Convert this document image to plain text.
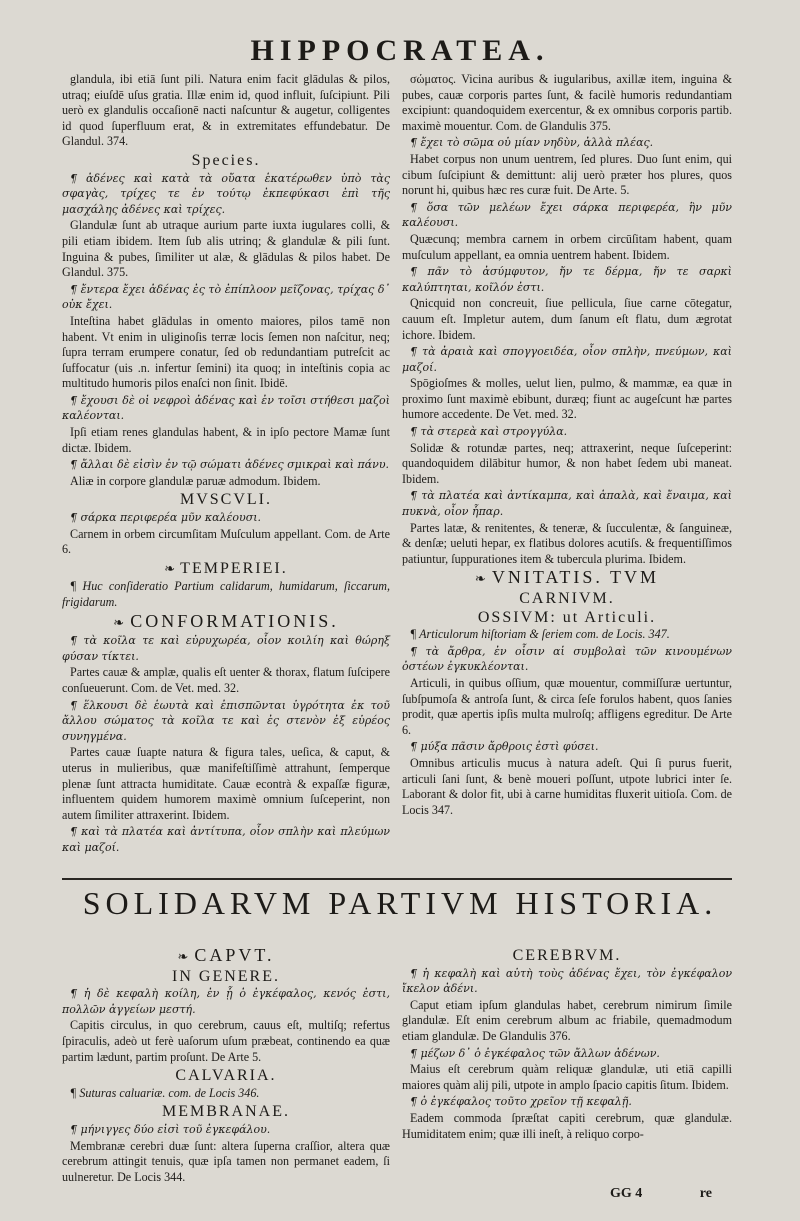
HIPPOCRATEA.

glandula, ibi etiā ſunt pili. Natura enim facit glādulas & pilos, utraq; eiuſdē uſus gratia. Illæ enim id, quod influit, ſuſcipiunt. Pili uerò ex glandulis occaſionē nacti naſcuntur & augetur, colligentes id quod ſuperfluum erat, & in extremitates effundebatur. De Glandul. 374.

Species.

¶ ἀδένες καὶ κατὰ τὰ οὔατα ἑκατέρωθεν ὑπὸ τὰς σφαγὰς, τρίχες τε ἐν τούτῳ ἐκπεφύκασι ἐπὶ τῆς μασχάλης ἀδένες καὶ τρίχες.

Glandulæ ſunt ab utraque aurium parte iuxta iugulares colli, & pili etiam ibidem. Item ſub alis utrinq; & glandulæ & pili ſunt. Inguina & pubes, ſimiliter ut alæ, & glādulas & pilos habet. De Glandul. 375.

¶ ἔντερα ἔχει ἀδένας ἐς τὸ ἐπίπλοον μεῖζονας, τρίχας δ᾽ οὐκ ἔχει.

Inteſtina habet glādulas in omento maiores, pilos tamē non habent. Vt enim in uliginoſis terræ locis ſemen non naſcitur, neq; ſupra terram erumpere conatur, ſed ob redundantiam putreſcit ac ſuffocatur (uis .n. infertur ſemini) ita quoq; in inteſtinis copia ac multitudo humoris pilos enaſci non ſinit. Ibidē.

¶ ἔχουσι δὲ οἱ νεφροὶ ἀδένας καὶ ἐν τοῖσι στήθεσι μαζοὶ καλέονται.

Ipſi etiam renes glandulas habent, & in ipſo pectore Mamæ ſunt dictæ. Ibidem.

¶ ἄλλαι δὲ εἰσὶν ἐν τῷ σώματι ἀδένες σμικραὶ καὶ πάνυ.

Aliæ in corpore glandulæ paruæ admodum. Ibidem.

MVSCVLI.

¶ σάρκα περιφερέα μῦν καλέουσι.

Carnem in orbem circumſitam Muſculum appellant. Com. de Arte 6.

❧ TEMPERIEI.

¶ Huc conſideratio Partium calidarum, humidarum, ſiccarum, frigidarum.

❧ CONFORMATIONIS.

¶ τὰ κοῖλα τε καὶ εὐρυχωρέα, οἷον κοιλίη καὶ θώρηξ φύσαν τίκτει.

Partes cauæ & amplæ, qualis eſt uenter & thorax, flatum ſuſcipere conſueuerunt. Com. de Vet. med. 32.

¶ ἕλκουσι δὲ ἑωυτὰ καὶ ἐπισπῶνται ὑγρότητα ἐκ τοῦ ἄλλου σώματος τὰ κοῖλα τε καὶ ἐς στενὸν ἐξ εὐρέος συνηγμένα.

Partes cauæ ſuapte natura & figura tales, ueſica, & caput, & uterus in mulieribus, quæ manifeſtiſſimè attrahunt, ſemperque plenæ ſunt attracta humiditate. Cauæ econtrà & expaſſæ figuræ, influentem quidem humorem maximè omnium ſuſceperint, non autem ſimiliter attraxerint. Ibidem.

¶ καὶ τὰ πλατέα καὶ ἀντίτυπα, οἷον σπλὴν καὶ πλεύμων καὶ μαζοί.

σώματος. Vicina auribus & iugularibus, axillæ item, inguina & pubes, cauæ corporis partes ſunt, & facilè humoris redundantiam excipiunt: quandoquidem exercentur, & ex omnibus corporis partib. maximè mouentur. Com. de Glandulis 375.

¶ ἔχει τὸ σῶμα οὐ μίαν νηδὺν, ἀλλὰ πλέας.

Habet corpus non unum uentrem, ſed plures. Duo ſunt enim, qui cibum ſuſcipiunt & demittunt: alij uerò præter hos plures, quos norunt hi, quibus hæc res curæ fuit. De Arte. 5.

¶ ὅσα τῶν μελέων ἔχει σάρκα περιφερέα, ἣν μῦν καλέουσι.

Quæcunq; membra carnem in orbem circūſitam habent, quam muſculum appellant, ea omnia uentrem habent. Ibidem.

¶ πᾶν τὸ ἀσύμφυτον, ἤν τε δέρμα, ἤν τε σαρκὶ καλύπτηται, κοῖλόν ἐστι.

Qnicquid non concreuit, ſiue pellicula, ſiue carne cōtegatur, cauum eſt. Impletur autem, dum ſanum eſt flatu, dum ægrotat ichore. Ibidem.

¶ τὰ ἀραιὰ καὶ σπογγοειδέα, οἷον σπλὴν, πνεύμων, καὶ μαζοί.

Spōgioſmes & molles, uelut lien, pulmo, & mammæ, ea quæ in proximo ſunt maximè ebibunt, duræq; fiunt ac augeſcunt hæ partes humore accedente. De Vet. med. 32.

¶ τὰ στερεὰ καὶ στρογγύλα.

Solidæ & rotundæ partes, neq; attraxerint, neque ſuſceperint: quandoquidem dilābitur humor, & non habet ſedem ubi maneat. Ibidem.

¶ τὰ πλατέα καὶ ἀντίκαμπα, καὶ ἁπαλὰ, καὶ ἔναιμα, καὶ πυκνὰ, οἷον ἧπαρ.

Partes latæ, & renitentes, & teneræ, & ſucculentæ, & ſanguineæ, & denſæ; ueluti hepar, ex flatibus dolores acutiſs. & frequentiſſimos patiuntur, ſuppurationes item & tubercula plurima. Ibidem.

❧ VNITATIS. TVM
CARNIVM.
OSSIVM: ut Articuli.

¶ Articulorum hiſtoriam & ſeriem com. de Locis. 347.

¶ τὰ ἄρθρα, ἐν οἷσιν αἱ συμβολαὶ τῶν κινουμένων ὀστέων ἐγκυκλέονται.

Articuli, in quibus oſſium, quæ mouentur, commiſſuræ uertuntur, ſubſpumoſa & antroſa ſunt, & circa ſeſe forulos habent, quos ſanies prodit, quæ apertis ipſis multa mulroſq; affligens egreditur. De Arte 6.

¶ μύξα πᾶσιν ἄρθροις ἐστὶ φύσει.

Omnibus articulis mucus à natura adeſt. Qui ſi purus fuerit, articuli ſani ſunt, & benè moueri poſſunt, utpote lubrici inter ſe. Laborant & dolor fit, ubi à carne humiditas fluxerit uitioſa. Com. de Locis 347.

SOLIDARVM PARTIVM HISTORIA.
❧ CAPVT.
IN GENERE.

¶ ἡ δὲ κεφαλὴ κοίλη, ἐν ᾗ ὁ ἐγκέφαλος, κενός ἐστι, πολλῶν ἀγγείων μεστή.

Capitis circulus, in quo cerebrum, cauus eſt, multiſq; refertus ſpiraculis, adeò ut ferè uaſorum uſum præbeat, continendo ea quæ partim lædunt, partim proſunt. De Arte 5.

CALVARIA.

¶ Suturas caluariæ. com. de Locis 346.

MEMBRANAE.

¶ μήνιγγες δύο εἰσὶ τοῦ ἐγκεφάλου.

Membranæ cerebri duæ ſunt: altera ſuperna craſſior, altera quæ cerebrum attingit tenuis, quæ ipſa tamen non permanet eadem, ſi uulneretur. De Locis 344.

CEREBRVM.

¶ ἡ κεφαλὴ καὶ αὐτὴ τοὺς ἀδένας ἔχει, τὸν ἐγκέφαλον ἴκελον ἀδένι.

Caput etiam ipſum glandulas habet, cerebrum nimirum ſimile glandulæ. Eſt enim cerebrum album ac friabile, quemadmodum etiam glandulæ. De Glandulis 376.

¶ μέζων δ᾽ ὁ ἐγκέφαλος τῶν ἄλλων ἀδένων.

Maius eſt cerebrum quàm reliquæ glandulæ, uti etiā capilli maiores quàm alij pili, utpote in amplo ſpacio capitis ſitum. Ibidem.

¶ ὁ ἐγκέφαλος τοῦτο χρεῖον τῇ κεφαλῇ.

Eadem commoda ſpræſtat capiti cerebrum, quæ glandulæ. Humiditatem enim; quæ illi ineſt, à reliquo corpo-

GG 4	re
